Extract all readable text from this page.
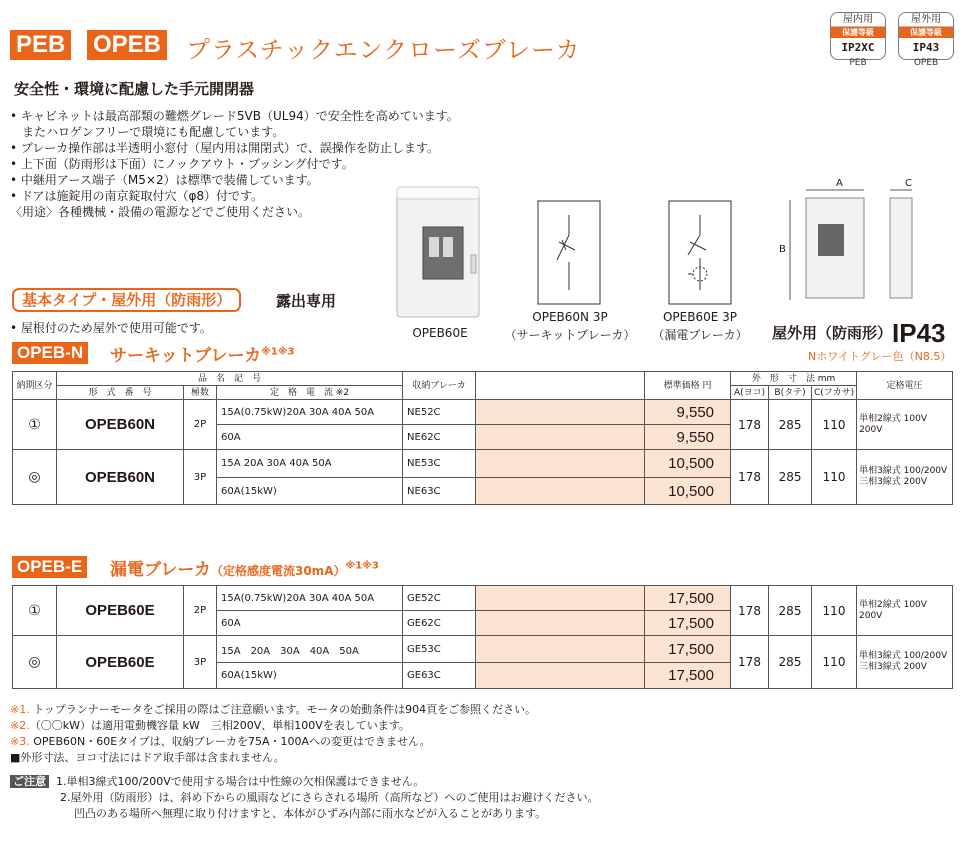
PEB OPEB プラスチックエンクローズブレーカ
屋内用
保護等級
IP2XC
PEB
屋外用
保護等級
IP43
OPEB
安全性・環境に配慮した手元開閉器
• キャビネットは最高部類の難燃グレード5VB（UL94）で安全性を高めています。
　またハロゲンフリーで環境にも配慮しています。
• ブレーカ操作部は半透明小窓付（屋内用は開閉式）で、誤操作を防止します。
• 上下面（防雨形は下面）にノックアウト・ブッシング付です。
• 中継用アース端子（M5×2）は標準で装備しています。
• ドアは施錠用の南京錠取付穴（φ8）付です。
〈用途〉各種機械・設備の電源などでご使用ください。
基本タイプ・屋外用（防雨形）	露出専用
• 屋根付のため屋外で使用可能です。	OPEB60E
OPEB60N 3P
（サーキットブレーカ）
OPEB60E 3P
（漏電ブレーカ）
A	C
B
屋外用（防雨形） IP43
Nホワイトグレー色（N8.5）
OPEB-N サーキットブレーカ$^{※1※3}$
納期区分	品　名　記　号			収納ブレーカ		標準価格 円	外　形　寸　法 mm			定格電圧
	形　式　番　号	極数	定　格　電　流 ※2				A(ヨコ)	B(タテ)	C(フカサ)	
①	OPEB60N	2P	15A(0.75kW)20A 30A 40A 50A	NE52C		9,550	178	285	110	単相2線式 100V 200V
			60A	NE62C		9,550				
◎	OPEB60N	3P	15A 20A 30A 40A 50A	NE53C		10,500	178	285	110	単相3線式 100/200V 三相3線式 200V
			60A(15kW)	NE63C		10,500				
OPEB-E 漏電ブレーカ（定格感度電流30mA）$^{※1※3}$
①	OPEB60E	2P	15A(0.75kW)20A 30A 40A 50A	GE52C		17,500	178	285	110	単相2線式 100V 200V
			60A	GE62C		17,500				
◎	OPEB60E	3P	15A　20A　30A　40A　50A	GE53C		17,500	178	285	110	単相3線式 100/200V 三相3線式 200V
			60A(15kW)	GE63C		17,500				
※1. トップランナーモータをご採用の際はご注意願います。モータの始動条件は904頁をご参照ください。
※2.（〇〇kW）は適用電動機容量 kW　三相200V、単相100Vを表しています。
※3. OPEB60N・60Eタイプは、収納ブレーカを75A・100Aへの変更はできません。
■外形寸法、ヨコ寸法にはドア取手部は含まれません。
ご注意 1.単相3線式100/200Vで使用する場合は中性線の欠相保護はできません。
2.屋外用（防雨形）は、斜め下からの風雨などにさらされる場所（高所など）へのご使用はお避けください。
凹凸のある場所へ無理に取り付けますと、本体がひずみ内部に雨水などが入ることがあります。
